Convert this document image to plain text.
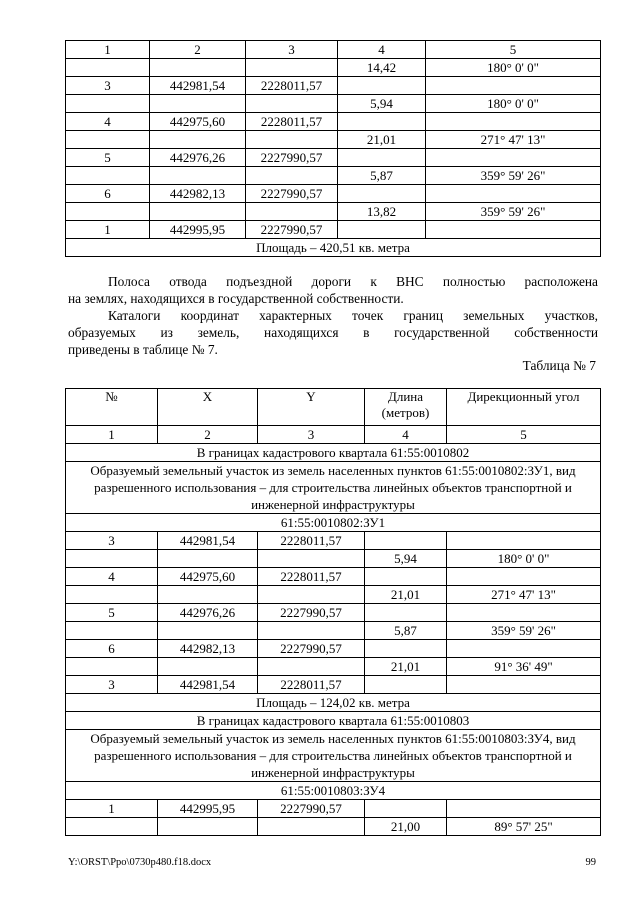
1	2	3	4	5
			14,42	180° 0' 0"
3	442981,54	2228011,57		
			5,94	180° 0' 0"
4	442975,60	2228011,57		
			21,01	271° 47' 13"
5	442976,26	2227990,57		
			5,87	359° 59' 26"
6	442982,13	2227990,57		
			13,82	359° 59' 26"
1	442995,95	2227990,57		
Площадь – 420,51 кв. метра				

Полоса отвода подъездной дороги к ВНС полностью расположена
на землях, находящихся в государственной собственности.

Каталоги координат характерных точек границ земельных участков,
образуемых из земель, находящихся в государственной собственности
приведены в таблице № 7.

Таблица № 7
№	X	Y	Длина (метров)	Дирекционный угол
1	2	3	4	5
В границах кадастрового квартала 61:55:0010802				
Образуемый земельный участок из земель населенных пунктов 61:55:0010802:ЗУ1, вид разрешенного использования – для строительства линейных объектов транспортной и инженерной инфраструктуры				
61:55:0010802:ЗУ1				
3	442981,54	2228011,57		
			5,94	180° 0' 0"
4	442975,60	2228011,57		
			21,01	271° 47' 13"
5	442976,26	2227990,57		
			5,87	359° 59' 26"
6	442982,13	2227990,57		
			21,01	91° 36' 49"
3	442981,54	2228011,57		
Площадь – 124,02 кв. метра				
В границах кадастрового квартала 61:55:0010803				
Образуемый земельный участок из земель населенных пунктов 61:55:0010803:ЗУ4, вид разрешенного использования – для строительства линейных объектов транспортной и инженерной инфраструктуры				
61:55:0010803:ЗУ4				
1	442995,95	2227990,57		
			21,00	89° 57' 25"
Y:\ORST\Ppo\0730p480.f18.docx	99
